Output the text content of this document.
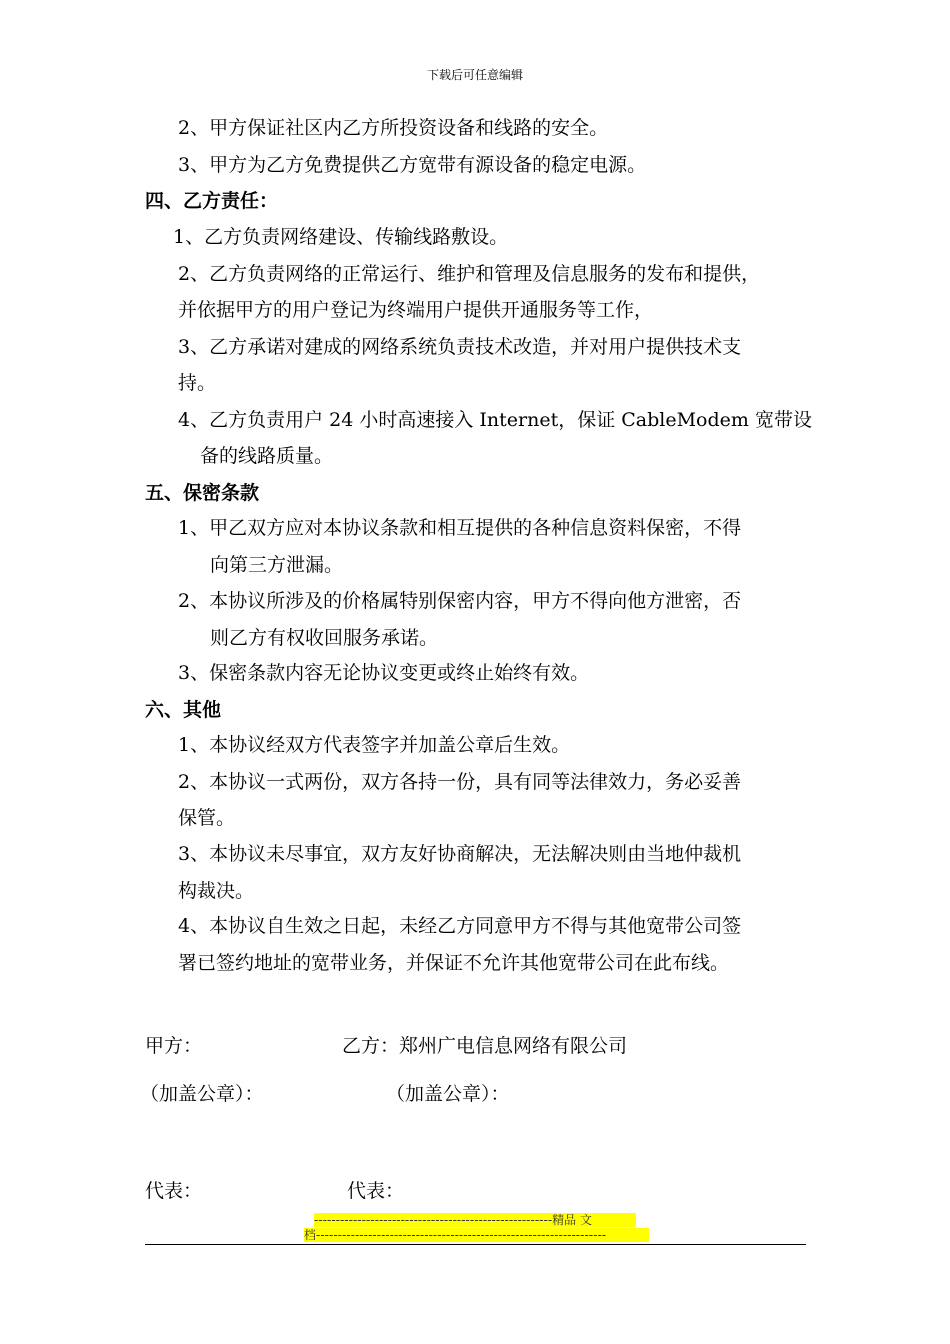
下载后可任意编辑
2、甲方保证社区内乙方所投资设备和线路的安全。
3、甲方为乙方免费提供乙方宽带有源设备的稳定电源。
四、乙方责任：
1、乙方负责网络建设、传输线路敷设。
2、乙方负责网络的正常运行、维护和管理及信息服务的发布和提供，
并依据甲方的用户登记为终端用户提供开通服务等工作，
3、乙方承诺对建成的网络系统负责技术改造，并对用户提供技术支
持。
4、乙方负责用户 24 小时高速接入 Internet，保证 CableModem 宽带设
备的线路质量。
五、保密条款
1、甲乙双方应对本协议条款和相互提供的各种信息资料保密，不得
向第三方泄漏。
2、本协议所涉及的价格属特别保密内容，甲方不得向他方泄密，否
则乙方有权收回服务承诺。
3、保密条款内容无论协议变更或终止始终有效。
六、其他
1、本协议经双方代表签字并加盖公章后生效。
2、本协议一式两份，双方各持一份，具有同等法律效力，务必妥善
保管。
3、本协议未尽事宜，双方友好协商解决，无法解决则由当地仲裁机
构裁决。
4、本协议自生效之日起，未经乙方同意甲方不得与其他宽带公司签
署已签约地址的宽带业务，并保证不允许其他宽带公司在此布线。
甲方：	乙方：郑州广电信息网络有限公司
（加盖公章）：	（加盖公章）：
代表：	代表：
-------------------------------------------------------精品 文
档-------------------------------------------------------------------
